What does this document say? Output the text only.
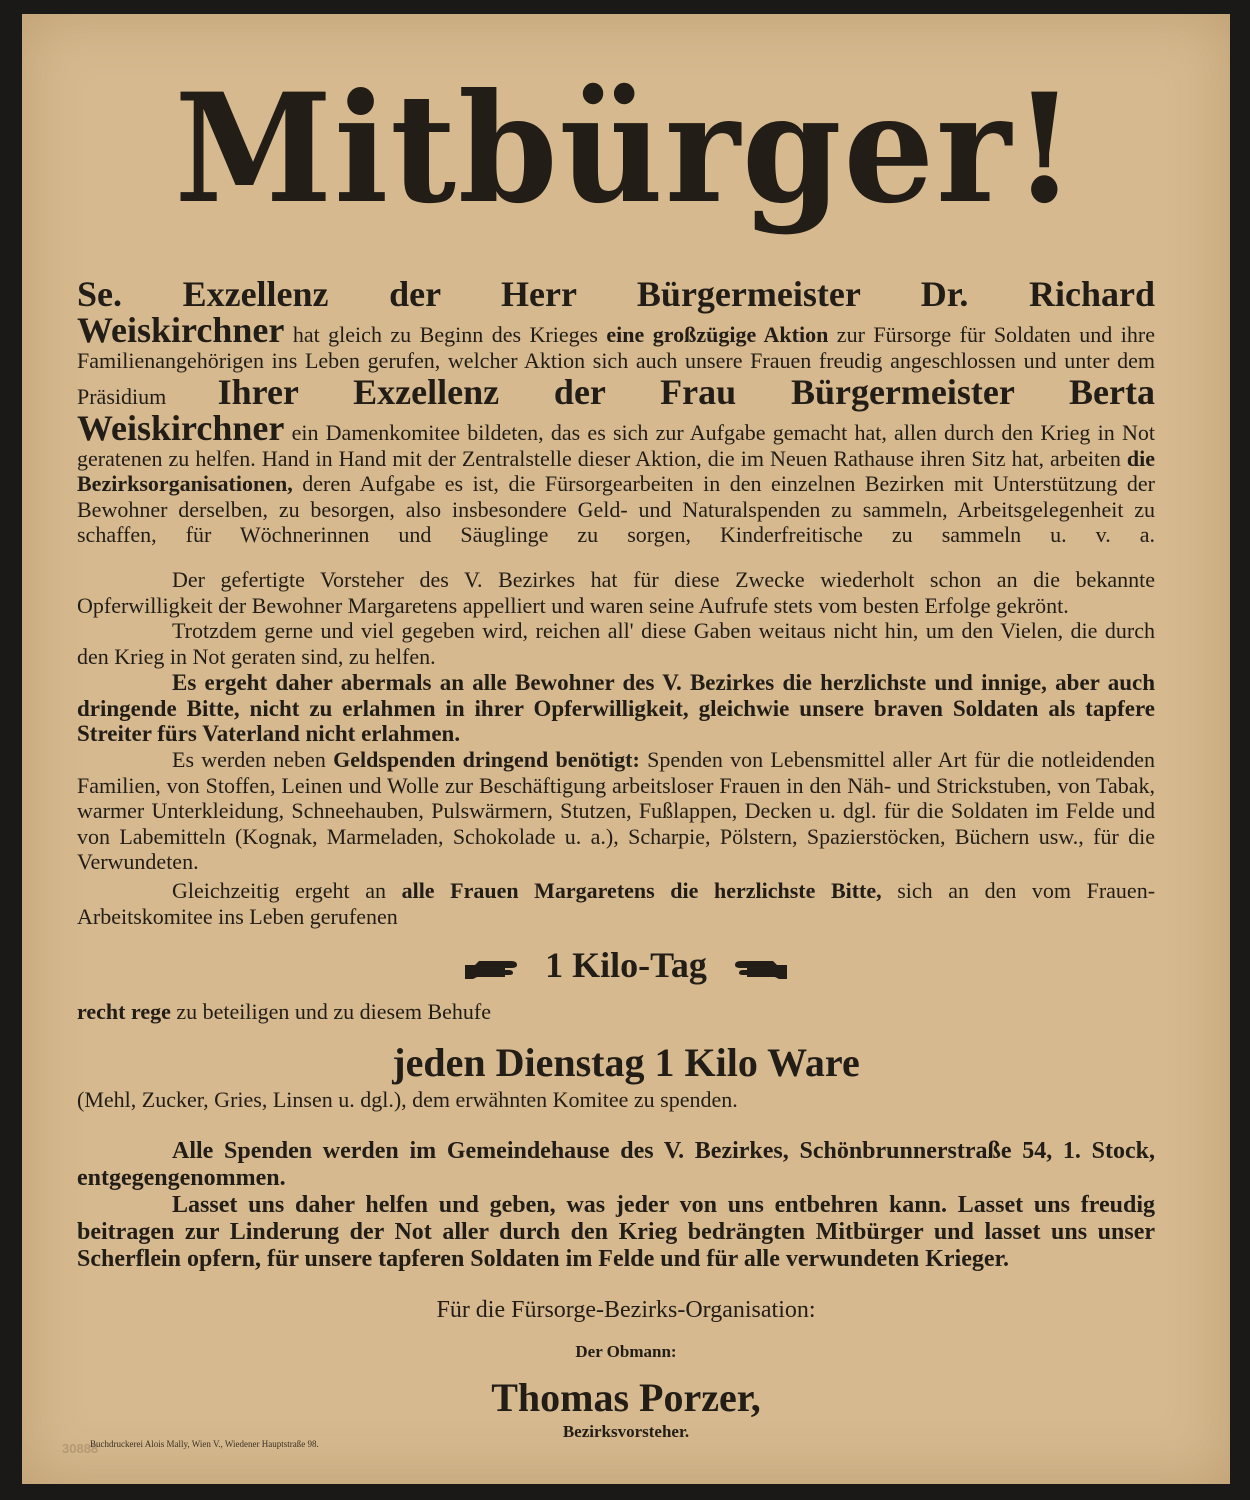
Mitbürger!
Se. Exzellenz der Herr Bürgermeister Dr. Richard
Weiskirchner hat gleich zu Beginn des Krieges eine großzügige Aktion zur Fürsorge für Soldaten und ihre Familienangehörigen ins Leben gerufen, welcher Aktion sich auch unsere Frauen freudig angeschlossen und unter dem Präsidium Ihrer Exzellenz der Frau Bürgermeister Berta
Weiskirchner ein Damenkomitee bildeten, das es sich zur Aufgabe gemacht hat, allen durch den Krieg in Not geratenen zu helfen. Hand in Hand mit der Zentralstelle dieser Aktion, die im Neuen Rathause ihren Sitz hat, arbeiten die Bezirksorganisationen, deren Aufgabe es ist, die Fürsorgearbeiten in den einzelnen Bezirken mit Unterstützung der Bewohner derselben, zu besorgen, also insbesondere Geld- und Naturalspenden zu sammeln, Arbeitsgelegenheit zu schaffen, für Wöchnerinnen und Säuglinge zu sorgen, Kinderfreitische zu sammeln u. v. a.
Der gefertigte Vorsteher des V. Bezirkes hat für diese Zwecke wiederholt schon an die bekannte Opferwilligkeit der Bewohner Margaretens appelliert und waren seine Aufrufe stets vom besten Erfolge gekrönt.
Trotzdem gerne und viel gegeben wird, reichen all' diese Gaben weitaus nicht hin, um den Vielen, die durch den Krieg in Not geraten sind, zu helfen.
Es ergeht daher abermals an alle Bewohner des V. Bezirkes die herzlichste und innige, aber auch dringende Bitte, nicht zu erlahmen in ihrer Opferwilligkeit, gleichwie unsere braven Soldaten als tapfere Streiter fürs Vaterland nicht erlahmen.
Es werden neben Geldspenden dringend benötigt: Spenden von Lebensmittel aller Art für die notleidenden Familien, von Stoffen, Leinen und Wolle zur Beschäftigung arbeitsloser Frauen in den Näh- und Strickstuben, von Tabak, warmer Unterkleidung, Schneehauben, Pulswärmern, Stutzen, Fußlappen, Decken u. dgl. für die Soldaten im Felde und von Labemitteln (Kognak, Marmeladen, Schokolade u. a.), Scharpie, Pölstern, Spazierstöcken, Büchern usw., für die Verwundeten.
Gleichzeitig ergeht an alle Frauen Margaretens die herzlichste Bitte, sich an den vom Frauen-Arbeitskomitee ins Leben gerufenen
1 Kilo-Tag
recht rege zu beteiligen und zu diesem Behufe
jeden Dienstag 1 Kilo Ware
(Mehl, Zucker, Gries, Linsen u. dgl.), dem erwähnten Komitee zu spenden.
Alle Spenden werden im Gemeindehause des V. Bezirkes, Schönbrunnerstraße 54, 1. Stock, entgegengenommen.
Lasset uns daher helfen und geben, was jeder von uns entbehren kann. Lasset uns freudig beitragen zur Linderung der Not aller durch den Krieg bedrängten Mitbürger und lasset uns unser Scherflein opfern, für unsere tapferen Soldaten im Felde und für alle verwundeten Krieger.
Für die Fürsorge-Bezirks-Organisation:
Der Obmann:
Thomas Porzer,
Bezirksvorsteher.
30888
Buchdruckerei Alois Mally, Wien V., Wiedener Hauptstraße 98.
